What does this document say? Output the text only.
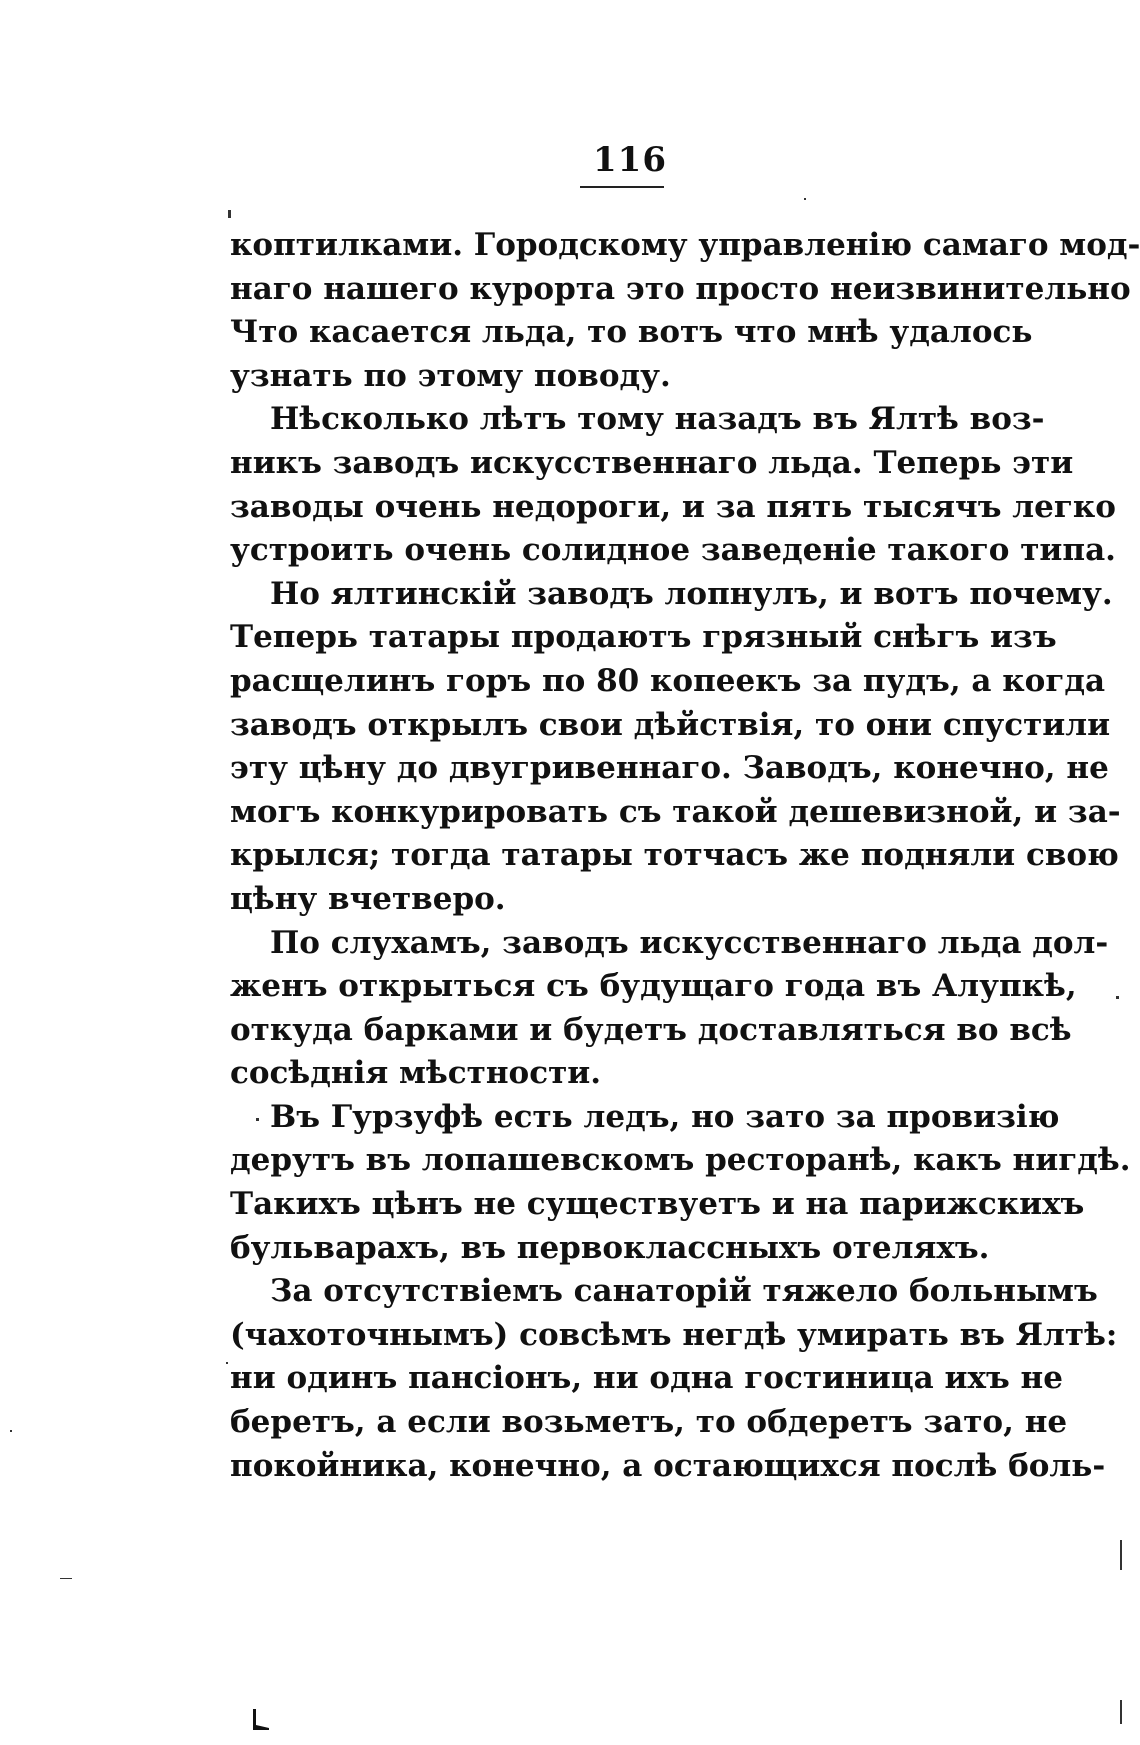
116
коптилками. Городскому управленію самаго мод-
наго нашего курорта это просто неизвинительно
Что касается льда, то вотъ что мнѣ удалось
узнать по этому поводу.
Нѣсколько лѣтъ тому назадъ въ Ялтѣ воз-
никъ заводъ искусственнаго льда. Теперь эти
заводы очень недороги, и за пять тысячъ легко
устроить очень солидное заведеніе такого типа.
Но ялтинскій заводъ лопнулъ, и вотъ почему.
Теперь татары продаютъ грязный снѣгъ изъ
расщелинъ горъ по 80 копеекъ за пудъ, а когда
заводъ открылъ свои дѣйствія, то они спустили
эту цѣну до двугривеннаго. Заводъ, конечно, не
могъ конкурировать съ такой дешевизной, и за-
крылся; тогда татары тотчасъ же подняли свою
цѣну вчетверо.
По слухамъ, заводъ искусственнаго льда дол-
женъ открыться съ будущаго года въ Алупкѣ,
откуда барками и будетъ доставляться во всѣ
сосѣднія мѣстности.
Въ Гурзуфѣ есть ледъ, но зато за провизію
дерутъ въ лопашевскомъ ресторанѣ, какъ нигдѣ.
Такихъ цѣнъ не существуетъ и на парижскихъ
бульварахъ, въ первоклассныхъ отеляхъ.
За отсутствіемъ санаторій тяжело больнымъ
(чахоточнымъ) совсѣмъ негдѣ умирать въ Ялтѣ:
ни одинъ пансіонъ, ни одна гостиница ихъ не
беретъ, а если возьметъ, то обдеретъ зато, не
покойника, конечно, а остающихся послѣ боль-
